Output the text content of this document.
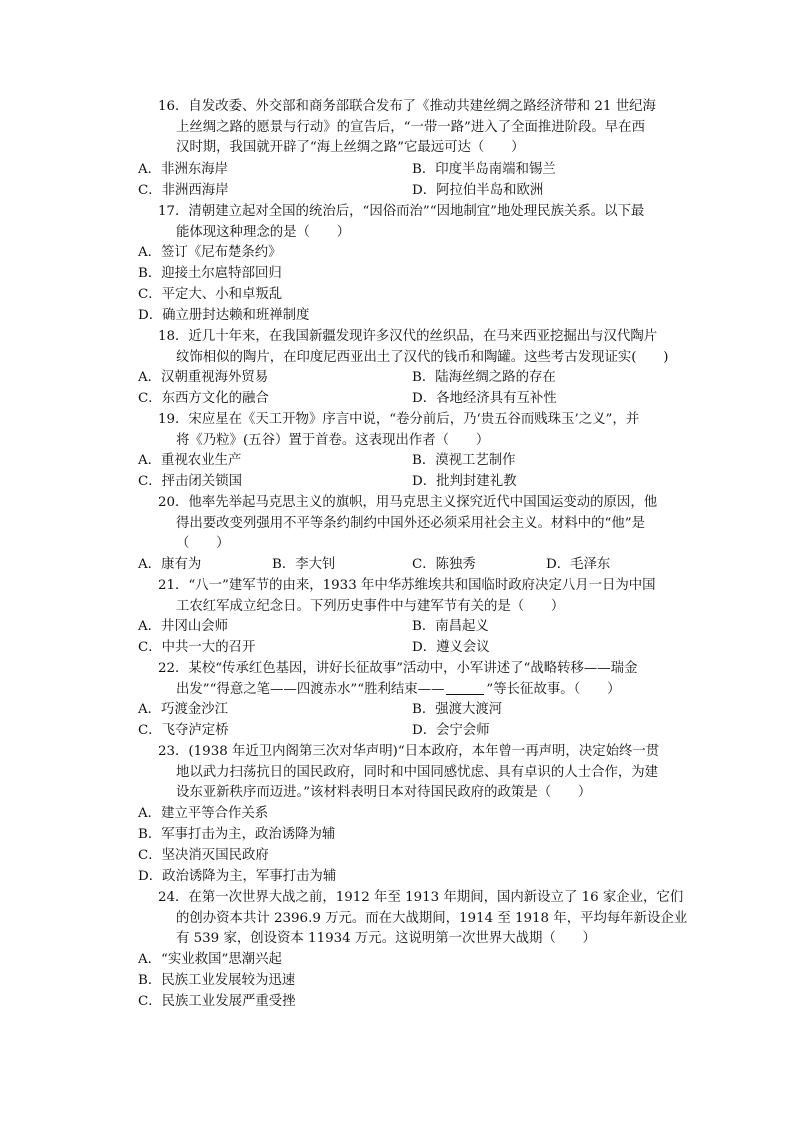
16．自发改委、外交部和商务部联合发布了《推动共建丝绸之路经济带和 21 世纪海
上丝绸之路的愿景与行动》的宣告后，“一带一路”进入了全面推进阶段。早在西
汉时期，我国就开辟了“海上丝绸之路”它最远可达（　　）
A．非洲东海岸	B．印度半岛南端和锡兰
C．非洲西海岸	D．阿拉伯半岛和欧洲
17．清朝建立起对全国的统治后，“因俗而治”“因地制宜”地处理民族关系。以下最
能体现这种理念的是（　　）
A．签订《尼布楚条约》
B．迎接土尔扈特部回归
C．平定大、小和卓叛乱
D．确立册封达赖和班禅制度
18．近几十年来，在我国新疆发现许多汉代的丝织品，在马来西亚挖掘出与汉代陶片
纹饰相似的陶片，在印度尼西亚出土了汉代的钱币和陶罐。这些考古发现证实(　　)
A．汉朝重视海外贸易	B．陆海丝绸之路的存在
C．东西方文化的融合	D．各地经济具有互补性
19．宋应星在《天工开物》序言中说，“卷分前后，乃‘贵五谷而贱珠玉’之义”，并
将《乃粒》(五谷）置于首卷。这表现出作者（　　）
A．重视农业生产	B．漠视工艺制作
C．抨击闭关锁国	D．批判封建礼教
20．他率先举起马克思主义的旗帜，用马克思主义探究近代中国国运变动的原因，他
得出要改变列强用不平等条约制约中国外还必须采用社会主义。材料中的“他”是
（　　）
A．康有为	B．李大钊	C．陈独秀	D．毛泽东
21．“八一”建军节的由来，1933 年中华苏维埃共和国临时政府决定八月一日为中国
工农红军成立纪念日。下列历史事件中与建军节有关的是（　　）
A．井冈山会师	B．南昌起义
C．中共一大的召开	D．遵义会议
22．某校“传承红色基因，讲好长征故事”活动中，小军讲述了“战略转移——瑞金
出发”“得意之笔——四渡赤水”“胜利结束——	”等长征故事。（　　）
A．巧渡金沙江	B．强渡大渡河
C．飞夺泸定桥	D．会宁会师
23．(1938 年近卫内阁第三次对华声明)“日本政府，本年曾一再声明，决定始终一贯
地以武力扫荡抗日的国民政府，同时和中国同感忧虑、具有卓识的人士合作，为建
设东亚新秩序而迈进。”该材料表明日本对待国民政府的政策是（　　）
A．建立平等合作关系
B．军事打击为主，政治诱降为辅
C．坚决消灭国民政府
D．政治诱降为主，军事打击为辅
24．在第一次世界大战之前，1912 年至 1913 年期间，国内新设立了 16 家企业，它们
的创办资本共计 2396.9 万元。而在大战期间，1914 至 1918 年，平均每年新设企业
有 539 家，创设资本 11934 万元。这说明第一次世界大战期（　　）
A．“实业救国”思潮兴起
B．民族工业发展较为迅速
C．民族工业发展严重受挫
